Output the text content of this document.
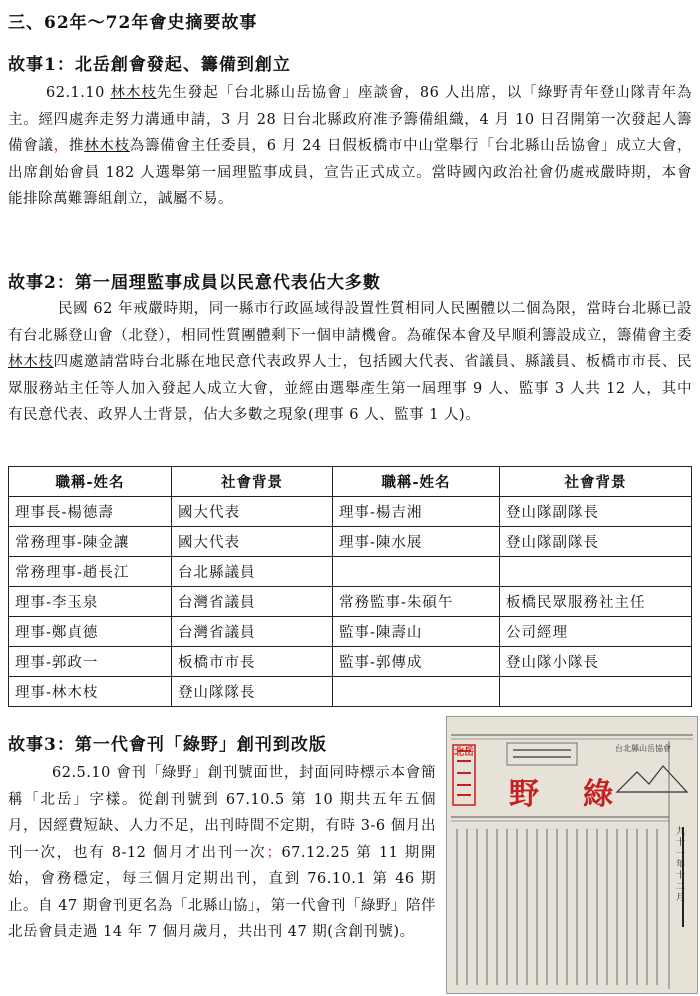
三、62年～72年會史摘要故事
故事1：北岳創會發起、籌備到創立
62.1.10 林木枝先生發起「台北縣山岳協會」座談會，86 人出席，以「綠野青年登山隊青年為主。經四處奔走努力溝通申請，3 月 28 日台北縣政府准予籌備組織，4 月 10 日召開第一次發起人籌備會議，推林木枝為籌備會主任委員，6 月 24 日假板橋市中山堂舉行「台北縣山岳協會」成立大會，出席創始會員 182 人選舉第一屆理監事成員，宣告正式成立。當時國內政治社會仍處戒嚴時期，本會能排除萬難籌組創立，誠屬不易。
故事2：第一屆理監事成員以民意代表佔大多數
民國 62 年戒嚴時期，同一縣市行政區域得設置性質相同人民團體以二個為限，當時台北縣已設有台北縣登山會（北登），相同性質團體剩下一個申請機會。為確保本會及早順利籌設成立，籌備會主委林木枝四處邀請當時台北縣在地民意代表政界人士，包括國大代表、省議員、縣議員、板橋市市長、民眾服務站主任等人加入發起人成立大會，並經由選舉產生第一屆理事 9 人、監事 3 人共 12 人，其中有民意代表、政界人士背景，佔大多數之現象(理事 6 人、監事 1 人)。
職稱-姓名	社會背景	職稱-姓名	社會背景
理事長-楊德壽	國大代表	理事-楊吉湘	登山隊副隊長
常務理事-陳金讓	國大代表	理事-陳水展	登山隊副隊長
常務理事-趙長江	台北縣議員		
理事-李玉泉	台灣省議員	常務監事-朱碩午	板橋民眾服務社主任
理事-鄭貞德	台灣省議員	監事-陳壽山	公司經理
理事-郭政一	板橋市市長	監事-郭傳成	登山隊小隊長
理事-林木枝	登山隊隊長		
故事3：第一代會刊「綠野」創刊到改版
62.5.10 會刊「綠野」創刊號面世，封面同時標示本會簡稱「北岳」字樣。從創刊號到 67.10.5 第 10 期共五年五個月，因經費短缺、人力不足，出刊時間不定期，有時 3-6 個月出刊一次，也有 8-12 個月才出刊一次；67.12.25 第 11 期開始，會務穩定，每三個月定期出刊，直到 76.10.1 第 46 期止。自 47 期會刊更名為「北縣山協」，第一代會刊「綠野」陪伴北岳會員走過 14 年 7 個月歲月，共出刊 47 期(含創刊號)。
野綠
北岳	台北縣山岳協會
九十一年十二月
